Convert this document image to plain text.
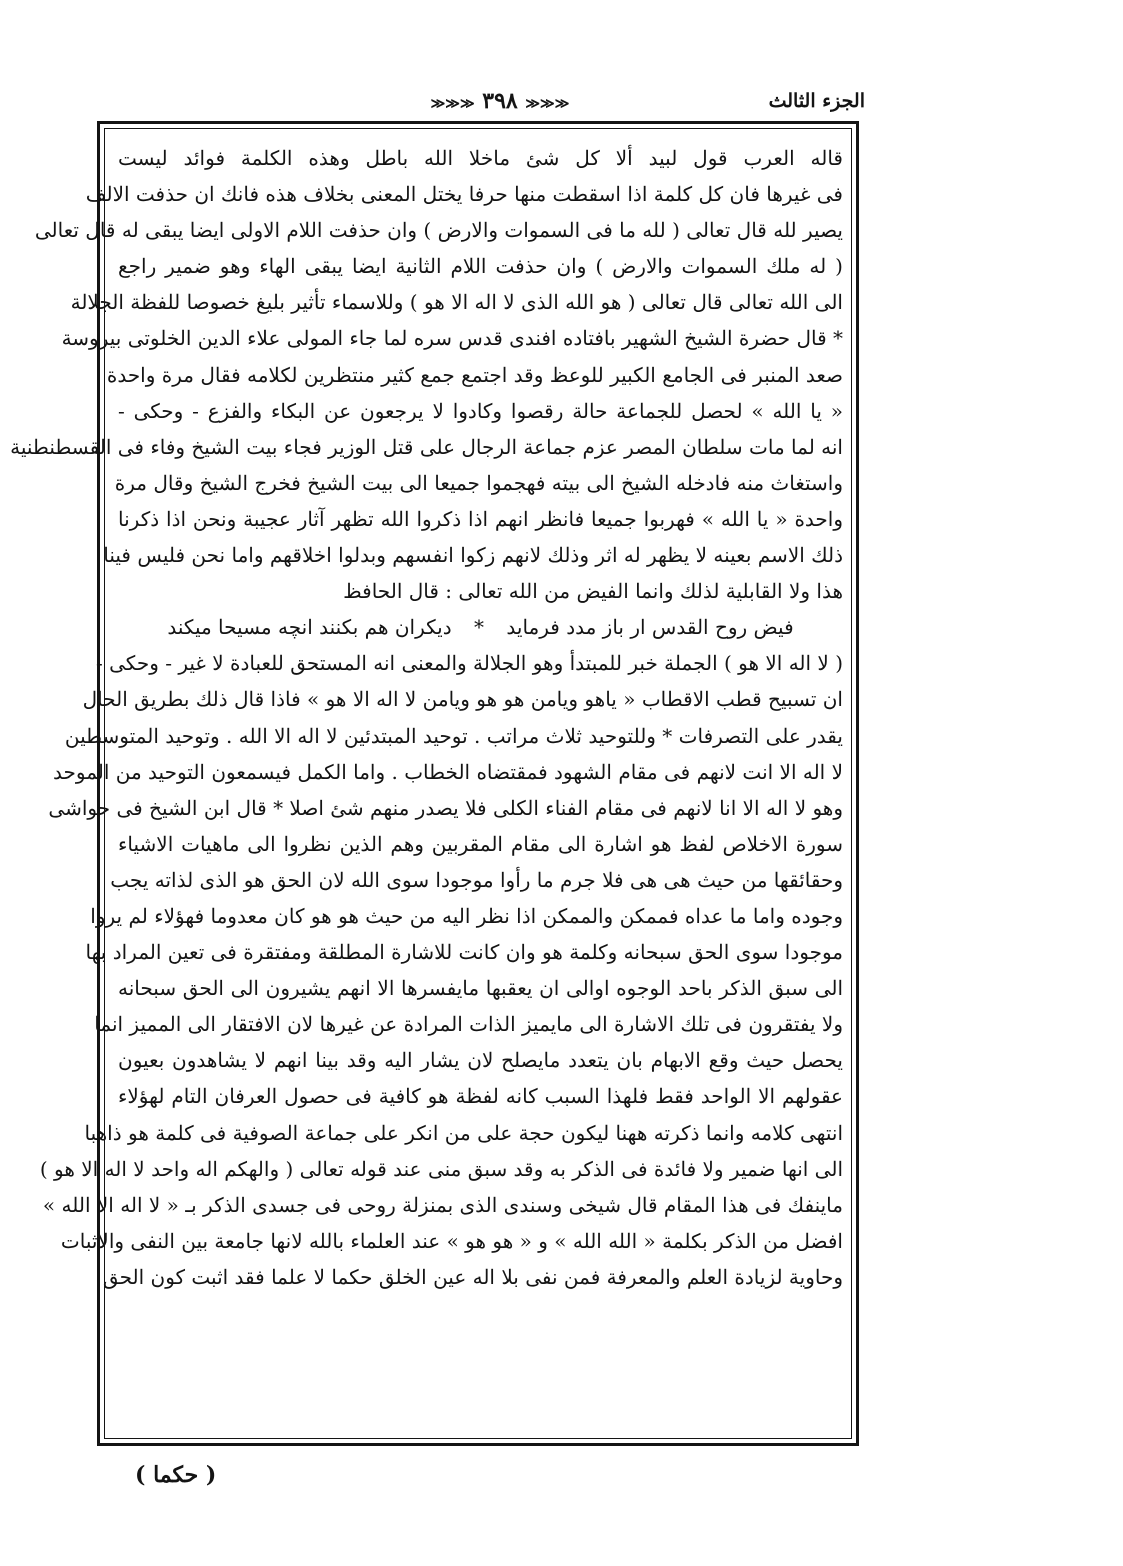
الجزء الثالث
≫≫≫ ٣٩٨ ≫≫≫
قاله العرب قول لبيد ألا كل شئ ماخلا الله باطل وهذه الكلمة فوائد ليست
فى غيرها فان كل كلمة اذا اسقطت منها حرفا يختل المعنى بخلاف هذه فانك ان حذفت الالف
يصير لله قال تعالى ( لله ما فى السموات والارض ) وان حذفت اللام الاولى ايضا يبقى له قال تعالى
( له ملك السموات والارض ) وان حذفت اللام الثانية ايضا يبقى الهاء وهو ضمير راجع
الى الله تعالى قال تعالى ( هو الله الذى لا اله الا هو ) وللاسماء تأثير بليغ خصوصا للفظة الجلالة
* قال حضرة الشيخ الشهير بافتاده افندى قدس سره لما جاء المولى علاء الدين الخلوتى بيروسة
صعد المنبر فى الجامع الكبير للوعظ وقد اجتمع جمع كثير منتظرين لكلامه فقال مرة واحدة
« يا الله » لحصل للجماعة حالة رقصوا وكادوا لا يرجعون عن البكاء والفزع - وحكى -
انه لما مات سلطان المصر عزم جماعة الرجال على قتل الوزير فجاء بيت الشيخ وفاء فى القسطنطنية
واستغاث منه فادخله الشيخ الى بيته فهجموا جميعا الى بيت الشيخ فخرج الشيخ وقال مرة
واحدة « يا الله » فهربوا جميعا فانظر انهم اذا ذكروا الله تظهر آثار عجيبة ونحن اذا ذكرنا
ذلك الاسم بعينه لا يظهر له اثر وذلك لانهم زكوا انفسهم وبدلوا اخلاقهم واما نحن فليس فينا
هذا ولا القابلية لذلك وانما الفيض من الله تعالى : قال الحافظ
فيض روح القدس ار باز مدد فرمايد * ديكران هم بكنند انچه مسيحا ميكند
( لا اله الا هو ) الجملة خبر للمبتدأ وهو الجلالة والمعنى انه المستحق للعبادة لا غير - وحكى -
ان تسبيح قطب الاقطاب « ياهو ويامن هو هو ويامن لا اله الا هو » فاذا قال ذلك بطريق الحال
يقدر على التصرفات * وللتوحيد ثلاث مراتب . توحيد المبتدئين لا اله الا الله . وتوحيد المتوسطين
لا اله الا انت لانهم فى مقام الشهود فمقتضاه الخطاب . واما الكمل فيسمعون التوحيد من الموحد
وهو لا اله الا انا لانهم فى مقام الفناء الكلى فلا يصدر منهم شئ اصلا * قال ابن الشيخ فى حواشى
سورة الاخلاص لفظ هو اشارة الى مقام المقربين وهم الذين نظروا الى ماهيات الاشياء
وحقائقها من حيث هى هى فلا جرم ما رأوا موجودا سوى الله لان الحق هو الذى لذاته يجب
وجوده واما ما عداه فممكن والممكن اذا نظر اليه من حيث هو هو كان معدوما فهؤلاء لم يروا
موجودا سوى الحق سبحانه وكلمة هو وان كانت للاشارة المطلقة ومفتقرة فى تعين المراد بها
الى سبق الذكر باحد الوجوه اوالى ان يعقبها مايفسرها الا انهم يشيرون الى الحق سبحانه
ولا يفتقرون فى تلك الاشارة الى مايميز الذات المرادة عن غيرها لان الافتقار الى المميز انما
يحصل حيث وقع الابهام بان يتعدد مايصلح لان يشار اليه وقد بينا انهم لا يشاهدون بعيون
عقولهم الا الواحد فقط فلهذا السبب كانه لفظة هو كافية فى حصول العرفان التام لهؤلاء
انتهى كلامه وانما ذكرته ههنا ليكون حجة على من انكر على جماعة الصوفية فى كلمة هو ذاهبا
الى انها ضمير ولا فائدة فى الذكر به وقد سبق منى عند قوله تعالى ( والهكم اله واحد لا اله الا هو )
ماينفك فى هذا المقام قال شيخى وسندى الذى بمنزلة روحى فى جسدى الذكر بـ « لا اله الا الله »
افضل من الذكر بكلمة « الله الله » و « هو هو » عند العلماء بالله لانها جامعة بين النفى والاثبات
وحاوية لزيادة العلم والمعرفة فمن نفى بلا اله عين الخلق حكما لا علما فقد اثبت كون الحق
( حكما )
